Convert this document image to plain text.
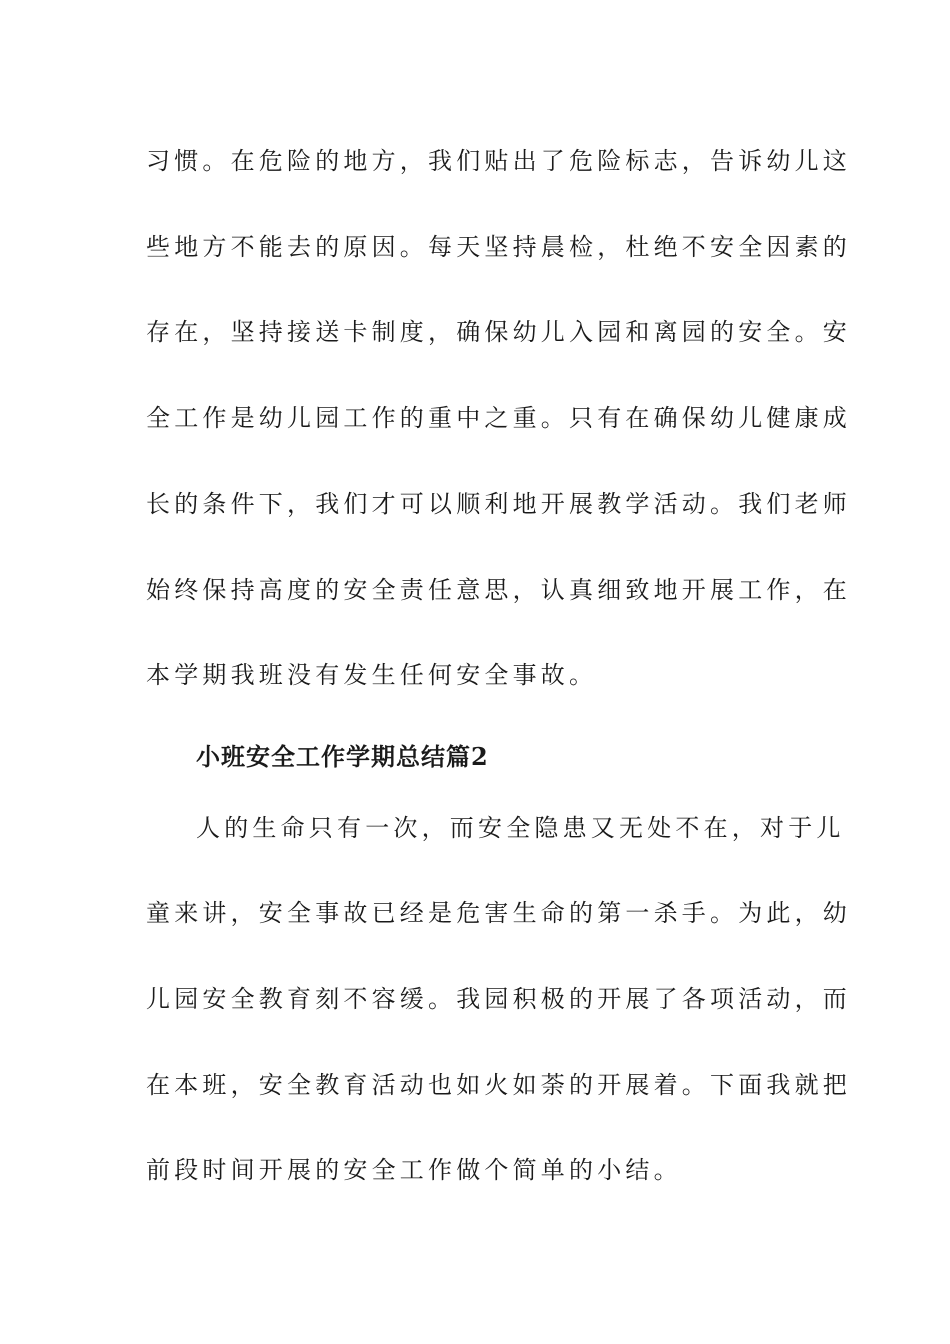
习惯。在危险的地方，我们贴出了危险标志，告诉幼儿这
些地方不能去的原因。每天坚持晨检，杜绝不安全因素的
存在，坚持接送卡制度，确保幼儿入园和离园的安全。安
全工作是幼儿园工作的重中之重。只有在确保幼儿健康成
长的条件下，我们才可以顺利地开展教学活动。我们老师
始终保持高度的安全责任意思，认真细致地开展工作，在
本学期我班没有发生任何安全事故。
小班安全工作学期总结篇2
人的生命只有一次，而安全隐患又无处不在，对于儿
童来讲，安全事故已经是危害生命的第一杀手。为此，幼
儿园安全教育刻不容缓。我园积极的开展了各项活动，而
在本班，安全教育活动也如火如荼的开展着。下面我就把
前段时间开展的安全工作做个简单的小结。
